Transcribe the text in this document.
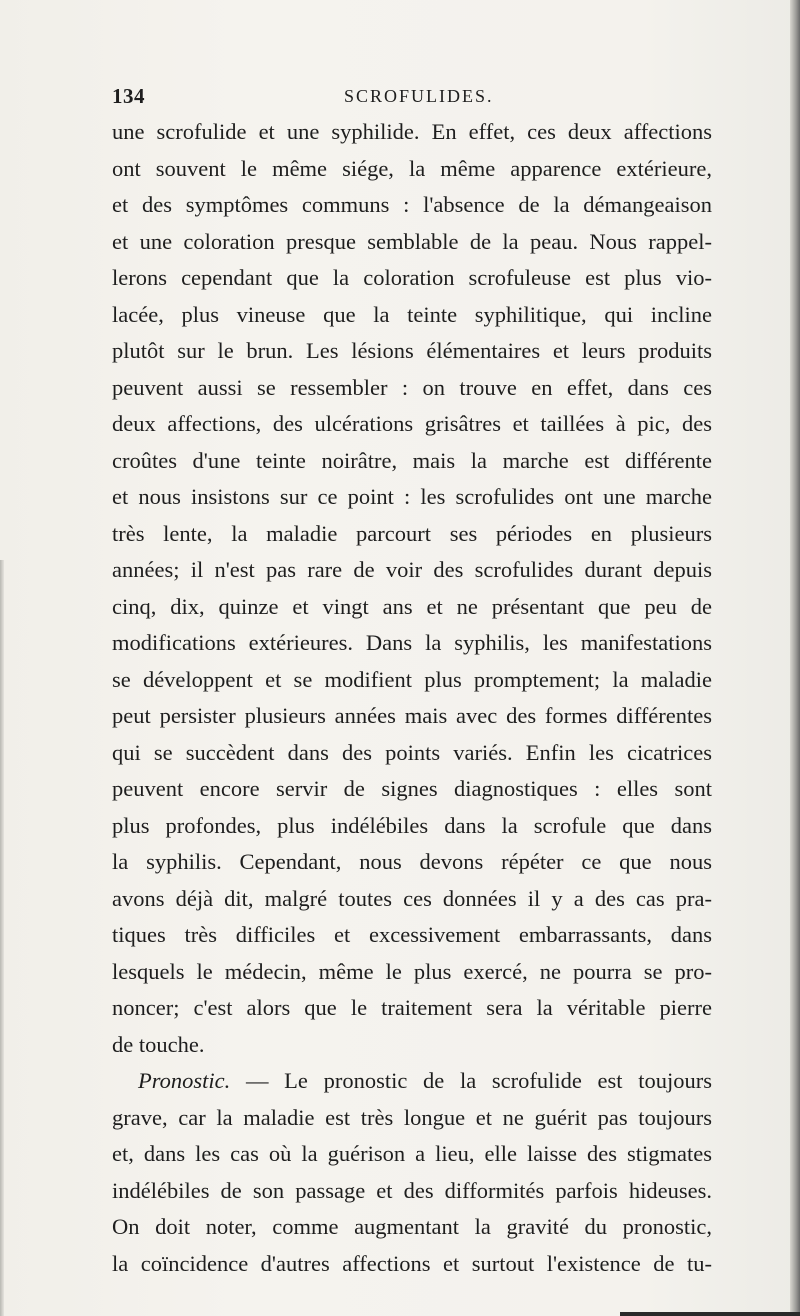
134	SCROFULIDES.
une scrofulide et une syphilide. En effet, ces deux affections
ont souvent le même siége, la même apparence extérieure,
et des symptômes communs : l'absence de la démangeaison
et une coloration presque semblable de la peau. Nous rappel-
lerons cependant que la coloration scrofuleuse est plus vio-
lacée, plus vineuse que la teinte syphilitique, qui incline
plutôt sur le brun. Les lésions élémentaires et leurs produits
peuvent aussi se ressembler : on trouve en effet, dans ces
deux affections, des ulcérations grisâtres et taillées à pic, des
croûtes d'une teinte noirâtre, mais la marche est différente
et nous insistons sur ce point : les scrofulides ont une marche
très lente, la maladie parcourt ses périodes en plusieurs
années; il n'est pas rare de voir des scrofulides durant depuis
cinq, dix, quinze et vingt ans et ne présentant que peu de
modifications extérieures. Dans la syphilis, les manifestations
se développent et se modifient plus promptement; la maladie
peut persister plusieurs années mais avec des formes différentes
qui se succèdent dans des points variés. Enfin les cicatrices
peuvent encore servir de signes diagnostiques : elles sont
plus profondes, plus indélébiles dans la scrofule que dans
la syphilis. Cependant, nous devons répéter ce que nous
avons déjà dit, malgré toutes ces données il y a des cas pra-
tiques très difficiles et excessivement embarrassants, dans
lesquels le médecin, même le plus exercé, ne pourra se pro-
noncer; c'est alors que le traitement sera la véritable pierre
de touche.
Pronostic. — Le pronostic de la scrofulide est toujours
grave, car la maladie est très longue et ne guérit pas toujours
et, dans les cas où la guérison a lieu, elle laisse des stigmates
indélébiles de son passage et des difformités parfois hideuses.
On doit noter, comme augmentant la gravité du pronostic,
la coïncidence d'autres affections et surtout l'existence de tu-
